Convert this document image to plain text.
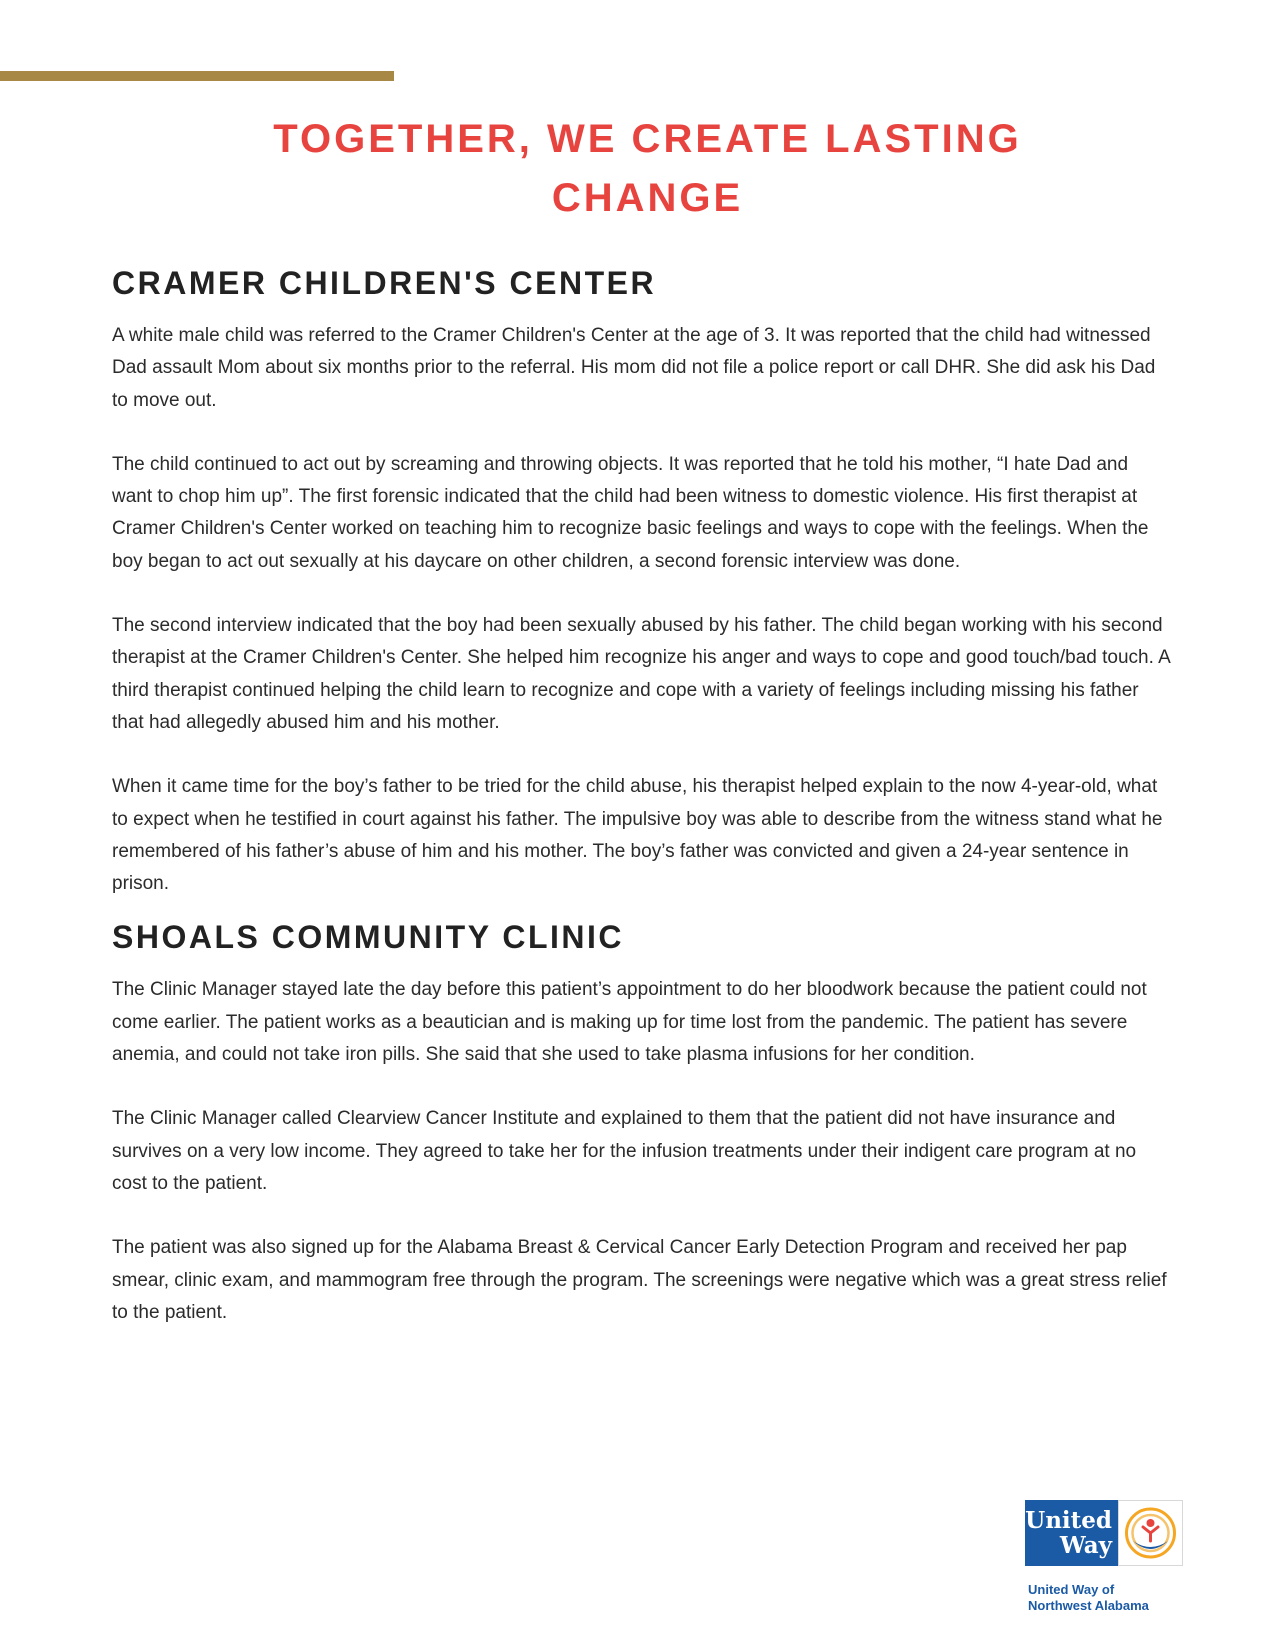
TOGETHER, WE CREATE LASTING CHANGE
CRAMER CHILDREN'S CENTER

A white male child was referred to the Cramer Children's Center at the age of 3. It was reported that the child had witnessed Dad assault Mom about six months prior to the referral. His mom did not file a police report or call DHR. She did ask his Dad to move out.

The child continued to act out by screaming and throwing objects. It was reported that he told his mother, “I hate Dad and want to chop him up”. The first forensic indicated that the child had been witness to domestic violence. His first therapist at Cramer Children's Center worked on teaching him to recognize basic feelings and ways to cope with the feelings. When the boy began to act out sexually at his daycare on other children, a second forensic interview was done.

The second interview indicated that the boy had been sexually abused by his father. The child began working with his second therapist at the Cramer Children's Center. She helped him recognize his anger and ways to cope and good touch/bad touch. A third therapist continued helping the child learn to recognize and cope with a variety of feelings including missing his father that had allegedly abused him and his mother.

When it came time for the boy’s father to be tried for the child abuse, his therapist helped explain to the now 4-year-old, what to expect when he testified in court against his father. The impulsive boy was able to describe from the witness stand what he remembered of his father’s abuse of him and his mother. The boy’s father was convicted and given a 24-year sentence in prison.

SHOALS COMMUNITY CLINIC

The Clinic Manager stayed late the day before this patient’s appointment to do her bloodwork because the patient could not come earlier. The patient works as a beautician and is making up for time lost from the pandemic. The patient has severe anemia, and could not take iron pills. She said that she used to take plasma infusions for her condition.

The Clinic Manager called Clearview Cancer Institute and explained to them that the patient did not have insurance and survives on a very low income. They agreed to take her for the infusion treatments under their indigent care program at no cost to the patient.

The patient was also signed up for the Alabama Breast & Cervical Cancer Early Detection Program and received her pap smear, clinic exam, and mammogram free through the program. The screenings were negative which was a great stress relief to the patient.

United
Way
United Way of
Northwest Alabama
